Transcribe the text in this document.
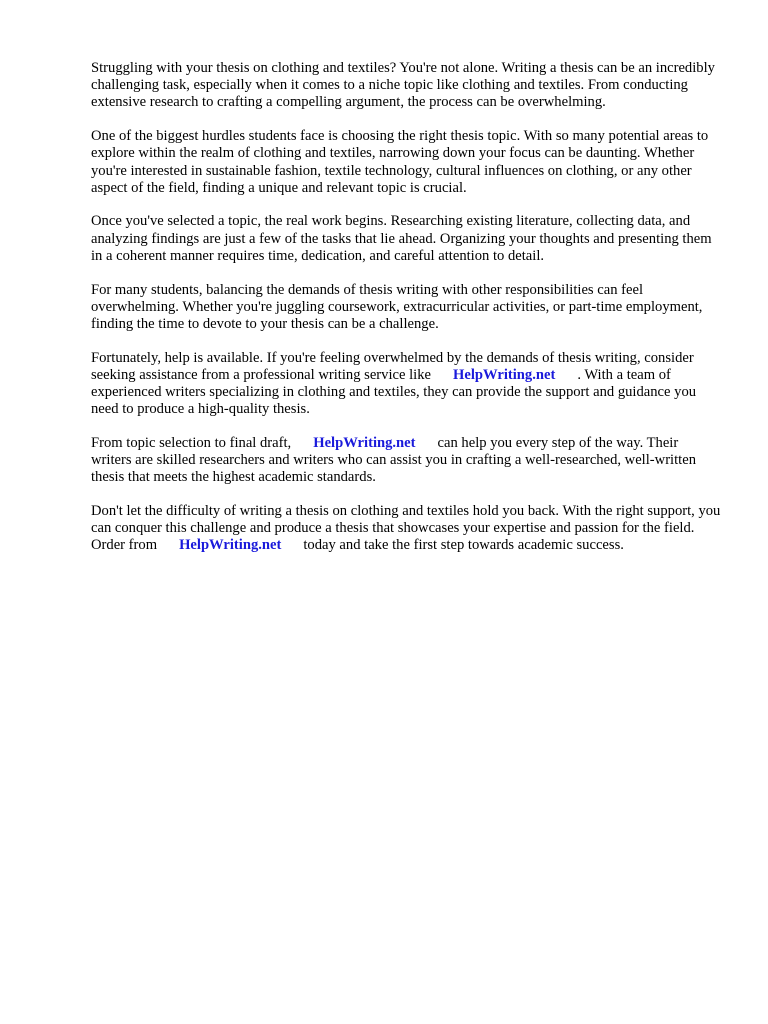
Struggling with your thesis on clothing and textiles? You're not alone. Writing a thesis can be an incredibly challenging task, especially when it comes to a niche topic like clothing and textiles. From conducting extensive research to crafting a compelling argument, the process can be overwhelming.

One of the biggest hurdles students face is choosing the right thesis topic. With so many potential areas to explore within the realm of clothing and textiles, narrowing down your focus can be daunting. Whether you're interested in sustainable fashion, textile technology, cultural influences on clothing, or any other aspect of the field, finding a unique and relevant topic is crucial.

Once you've selected a topic, the real work begins. Researching existing literature, collecting data, and analyzing findings are just a few of the tasks that lie ahead. Organizing your thoughts and presenting them in a coherent manner requires time, dedication, and careful attention to detail.

For many students, balancing the demands of thesis writing with other responsibilities can feel overwhelming. Whether you're juggling coursework, extracurricular activities, or part-time employment, finding the time to devote to your thesis can be a challenge.

Fortunately, help is available. If you're feeling overwhelmed by the demands of thesis writing, consider seeking assistance from a professional writing service like HelpWriting.net . With a team of experienced writers specializing in clothing and textiles, they can provide the support and guidance you need to produce a high-quality thesis.

From topic selection to final draft, HelpWriting.net can help you every step of the way. Their writers are skilled researchers and writers who can assist you in crafting a well-researched, well-written thesis that meets the highest academic standards.

Don't let the difficulty of writing a thesis on clothing and textiles hold you back. With the right support, you can conquer this challenge and produce a thesis that showcases your expertise and passion for the field. Order from HelpWriting.net today and take the first step towards academic success.
